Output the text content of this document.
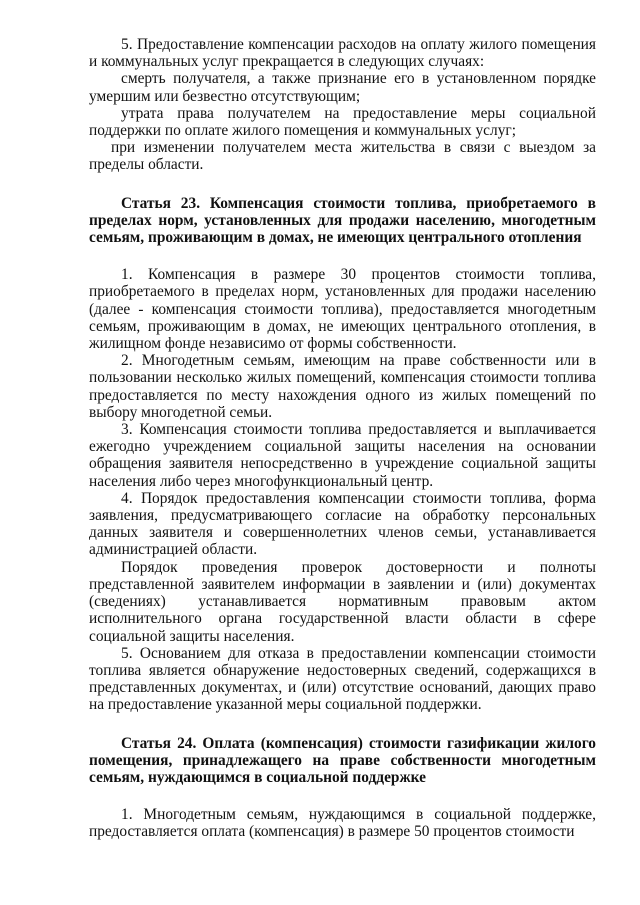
5. Предоставление компенсации расходов на оплату жилого помещения и коммунальных услуг прекращается в следующих случаях:

смерть получателя, а также признание его в установленном порядке умершим или безвестно отсутствующим;

утрата права получателем на предоставление меры социальной поддержки по оплате жилого помещения и коммунальных услуг;

при изменении получателем места жительства в связи с выездом за пределы области.

Статья 23. Компенсация стоимости топлива, приобретаемого в пределах норм, установленных для продажи населению, многодетным семьям, проживающим в домах, не имеющих центрального отопления

1. Компенсация в размере 30 процентов стоимости топлива, приобретаемого в пределах норм, установленных для продажи населению (далее - компенсация стоимости топлива), предоставляется многодетным семьям, проживающим в домах, не имеющих центрального отопления, в жилищном фонде независимо от формы собственности.

2. Многодетным семьям, имеющим на праве собственности или в пользовании несколько жилых помещений, компенсация стоимости топлива предоставляется по месту нахождения одного из жилых помещений по выбору многодетной семьи.

3. Компенсация стоимости топлива предоставляется и выплачивается ежегодно учреждением социальной защиты населения на основании обращения заявителя непосредственно в учреждение социальной защиты населения либо через многофункциональный центр.

4. Порядок предоставления компенсации стоимости топлива, форма заявления, предусматривающего согласие на обработку персональных данных заявителя и совершеннолетних членов семьи, устанавливается администрацией области.

Порядок проведения проверок достоверности и полноты представленной заявителем информации в заявлении и (или) документах (сведениях) устанавливается нормативным правовым актом исполнительного органа государственной власти области в сфере социальной защиты населения.

5. Основанием для отказа в предоставлении компенсации стоимости топлива является обнаружение недостоверных сведений, содержащихся в представленных документах, и (или) отсутствие оснований, дающих право на предоставление указанной меры социальной поддержки.

Статья 24. Оплата (компенсация) стоимости газификации жилого помещения, принадлежащего на праве собственности многодетным семьям, нуждающимся в социальной поддержке

1. Многодетным семьям, нуждающимся в социальной поддержке, предоставляется оплата (компенсация) в размере 50 процентов стоимости
